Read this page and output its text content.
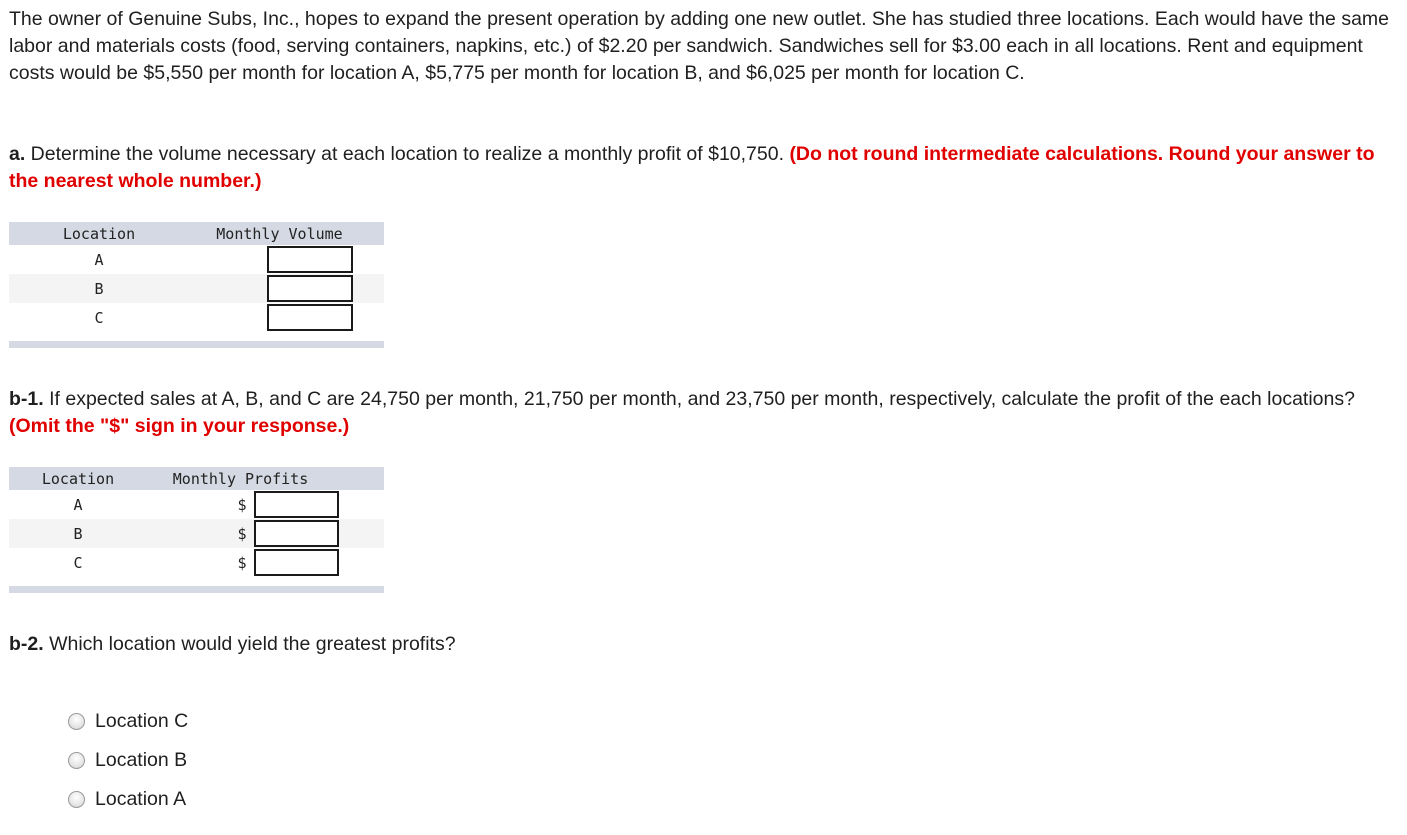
The owner of Genuine Subs, Inc., hopes to expand the present operation by adding one new outlet. She has studied three locations. Each would have the same labor and materials costs (food, serving containers, napkins, etc.) of $2.20 per sandwich. Sandwiches sell for $3.00 each in all locations. Rent and equipment costs would be $5,550 per month for location A, $5,775 per month for location B, and $6,025 per month for location C.

a. Determine the volume necessary at each location to realize a monthly profit of $10,750. (Do not round intermediate calculations. Round your answer to the nearest whole number.)

Location	Monthly Volume
A	

B	

C	

b-1. If expected sales at A, B, and C are 24,750 per month, 21,750 per month, and 23,750 per month, respectively, calculate the profit of the each locations? (Omit the "$" sign in your response.)

Location	Monthly Profits
A	$
B	$
C	$

b-2. Which location would yield the greatest profits?

Location C
Location B
Location A
